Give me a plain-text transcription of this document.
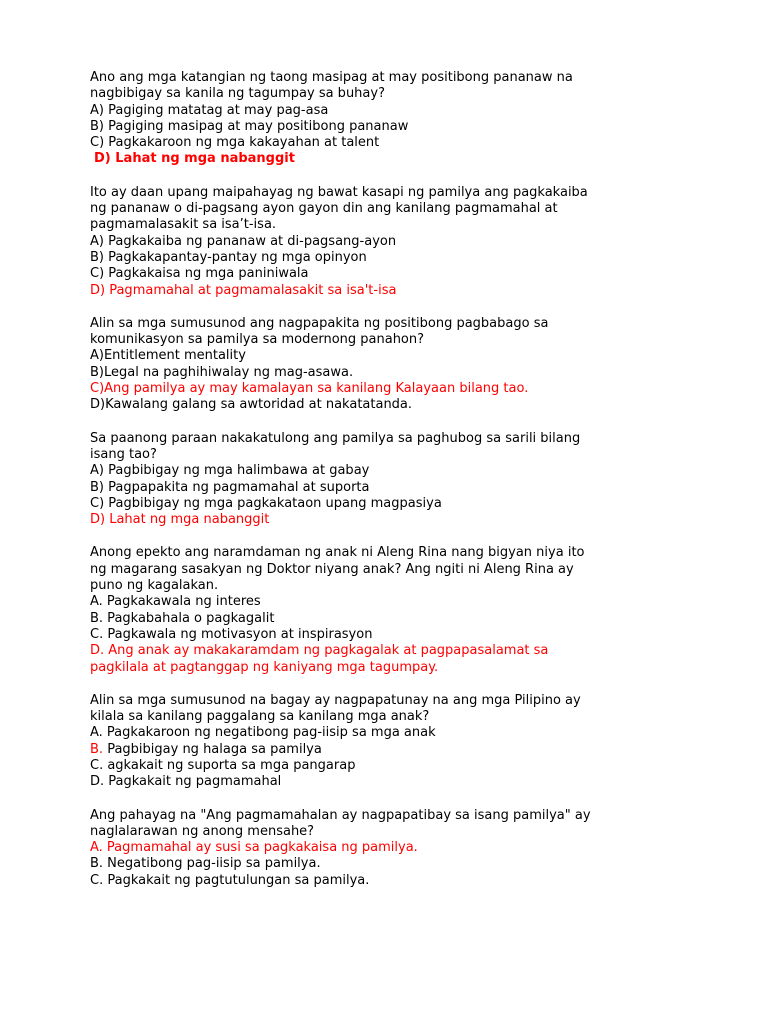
Ano ang mga katangian ng taong masipag at may positibong pananaw na
nagbibigay sa kanila ng tagumpay sa buhay?

A) Pagiging matatag at may pag-asa

B) Pagiging masipag at may positibong pananaw

C) Pagkakaroon ng mga kakayahan at talent

D) Lahat ng mga nabanggit

Ito ay daan upang maipahayag ng bawat kasapi ng pamilya ang pagkakaiba
ng pananaw o di-pagsang ayon gayon din ang kanilang pagmamahal at
pagmamalasakit sa isa’t-isa.

A) Pagkakaiba ng pananaw at di-pagsang-ayon

B) Pagkakapantay-pantay ng mga opinyon

C) Pagkakaisa ng mga paniniwala

D) Pagmamahal at pagmamalasakit sa isa't-isa

Alin sa mga sumusunod ang nagpapakita ng positibong pagbabago sa
komunikasyon sa pamilya sa modernong panahon?

A)Entitlement mentality

B)Legal na paghihiwalay ng mag-asawa.

C)Ang pamilya ay may kamalayan sa kanilang Kalayaan bilang tao.

D)Kawalang galang sa awtoridad at nakatatanda.

Sa paanong paraan nakakatulong ang pamilya sa paghubog sa sarili bilang
isang tao?

A) Pagbibigay ng mga halimbawa at gabay

B) Pagpapakita ng pagmamahal at suporta

C) Pagbibigay ng mga pagkakataon upang magpasiya

D) Lahat ng mga nabanggit

Anong epekto ang naramdaman ng anak ni Aleng Rina nang bigyan niya ito
ng magarang sasakyan ng Doktor niyang anak? Ang ngiti ni Aleng Rina ay
puno ng kagalakan.

A. Pagkakawala ng interes

B. Pagkabahala o pagkagalit

C. Pagkawala ng motivasyon at inspirasyon

D. Ang anak ay makakaramdam ng pagkagalak at pagpapasalamat sa
pagkilala at pagtanggap ng kaniyang mga tagumpay.

Alin sa mga sumusunod na bagay ay nagpapatunay na ang mga Pilipino ay
kilala sa kanilang paggalang sa kanilang mga anak?

A. Pagkakaroon ng negatibong pag-iisip sa mga anak

B. Pagbibigay ng halaga sa pamilya

C. agkakait ng suporta sa mga pangarap

D. Pagkakait ng pagmamahal

Ang pahayag na "Ang pagmamahalan ay nagpapatibay sa isang pamilya" ay
naglalarawan ng anong mensahe?

A. Pagmamahal ay susi sa pagkakaisa ng pamilya.

B. Negatibong pag-iisip sa pamilya.

C. Pagkakait ng pagtutulungan sa pamilya.
